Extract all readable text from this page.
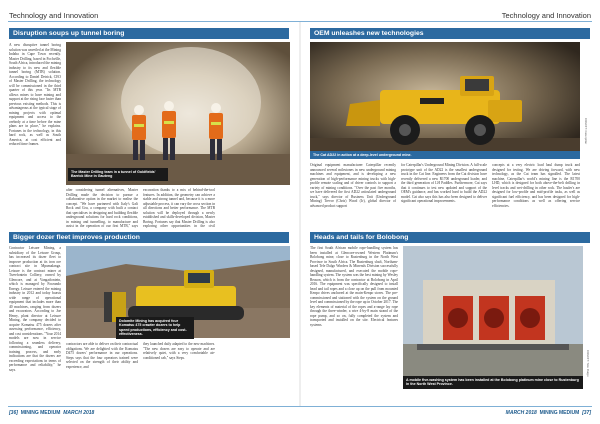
Technology and Innovation	Technology and Innovation
Disruption soups up tunnel boring
A new disruptive tunnel boring solution was unveiled at the Mining Indaba in Cape Town recently. Master Drilling, based in Fochville, South Africa, introduced the mining industry to its new and flexible tunnel boring (MTB) solution. According to Daniel Detrick, CEO of Master Drilling, the technology will be commissioned in the third quarter of this year. "Its MTB allows mines to have mining and support at the rising face faster than previous existing methods. This is advantageous at the typical stage of mining projects with optimal equipment and access to the orebody at a time before the mine plans are in place," he explains. Fortunes in the technology, in this hard rock, as well as South America, at cost efficient and reduced time frames.
The Master Drilling team in a tunnel of Goldfields' Barrick Mine in Gauteng
after considering tunnel alternatives, Master Drilling made the decision to pursue a collaborative option in the market to realise the concept. "We have partnered with Italy's Gali Rock and Gru, a company with built a contact that specialises in designing and building flexible underground solutions for hard rock conditions, in mining and tunnelling, to manufacture and assist in the operation of our first MTB," says
excavation thanks to a mix of behind-the-tool features. In addition, the geometry can achieve a stable and strong tunnel and, because it is a more adjustable process, it can vary the cross section in all directions and better performance. The MTB solution will be deployed through a newly established and skills-developed division, Master Boring. Fortunes say that Master Drilling is also exploring other opportunities in the civil
OEM unleashes new technologies
The Cat AD22 in action at a deep-level underground mine.
CREDIT: Caterpillar
Original equipment manufacturer Caterpillar recently announced several milestones in new underground mining machines and equipment, and is developing a new generation of high-performance mining trucks with high-profile remote scaling and of driver controls to support a variety of mining conditions. "Over the past five months, we have delivered the first AD22 articulated underground truck," says director of Business Unit (Underground Mining) Trevor (Chris) Wood (Jr), global director of advanced product support
for Caterpillar's Underground Mining Division. A full-scale prototype unit of the AD22 is the smallest underground truck in the Cat line. Engineers from the Cat division have recently delivered a new R1700 underground loader, and the third generation of LH Paddles. Furthermore, Cat says that it continues to test new updated and support of the OEM's guidance, and has worked hard to build the AD22 model. Cat also says this has also been designed to deliver significant operational improvements.
concepts at a very electric load haul dump truck and designed for testing. We are driving forward, with new technology, as the Cat team has signalled. The latest machine, Caterpillar's world's mining line is the R1700 LHD, which is designed for both above-the-belt drilling in level tracks and wet-drilling in other rock. The hauler's are designed for low-profile and mid-profile tasks, as well as significant fuel efficiency, and has been designed for high-performance conditions as well as offering service efficiencies.
Bigger dozer fleet improves production
Contractor Leisure Mining, a subsidiary of the Leisure Group, has increased its dozer fleet to improve production at its iron ore contract site in Mpumalanga. Leisure is the contract miner at Tweefontein Colliery, owned by Glencore, and at Vangatfontein, which is managed by Forzando Energy. Leisure entered the mining industry in 2012 and today boasts wide range of operational equipment that includes more than 40 machines, ranging from dozers and excavators. According to Joe Henry, plant director at Leisure Mining, the company decided to acquire Komatsu 475 dozers after assessing performance, efficiency, and cost considerations. "Your 2014 models are now in service following a seamless delivery, commissioning, and operator training process, and early indications are that the dozers are exceeding expectations in terms of performance and reliability," he says.
Dolomite Mining has acquired four Komatsu 475 crawler dozers to help speed productions, efficiency and cost-effectiveness.
contractors are able to deliver on their contractual obligations. We are delighted with the Komatsu D475 dozers' performance in our operations. Steps says that the four operators trained were selected on the strength of their ability and experience, and
they launched daily adapted to the new machines. "The new dozers are easy to operate and are relatively quiet, with a very comfortable air-conditioned cab," says Steps.
Heads and tails for Bolobong
The first South African mobile rope-handling system has been installed at Glencore-owned Western Platinum's Bolobong mine, close to Rustenburg in the North West Province in South Africa. The Rustenburg shaft, Northam-based Tele Dalgo Winders & Minerals Division successfully designed, manufactured, and executed the mobile rope-handling system. The system was the best mining by Wesley Reason, which is from the contractor at Bolobong in April 2016. The equipment was specifically designed to install head and tail ropes and a close up on the pull from mounted Kenpo drives anchored at the main-Kenpo stores. The pre-commissioned and stationed with the system on the ground level and commissioned by the rope up in October 2017. The key elements of material of the ropes and a-range lay rope through the three-winder, a wire 4-by-8 main strand of the rope pump, and so on, fully completed the system and transported and installed on the site. Electrical features systems.
A mobile five-washing system has been installed at the Bolobong platinum mine close to Rustenburg in the North West Province.
CREDIT: Tele Dalgo
[36] MINING MEDIUM MARCH 2018	MARCH 2018 MINING MEDIUM [37]
